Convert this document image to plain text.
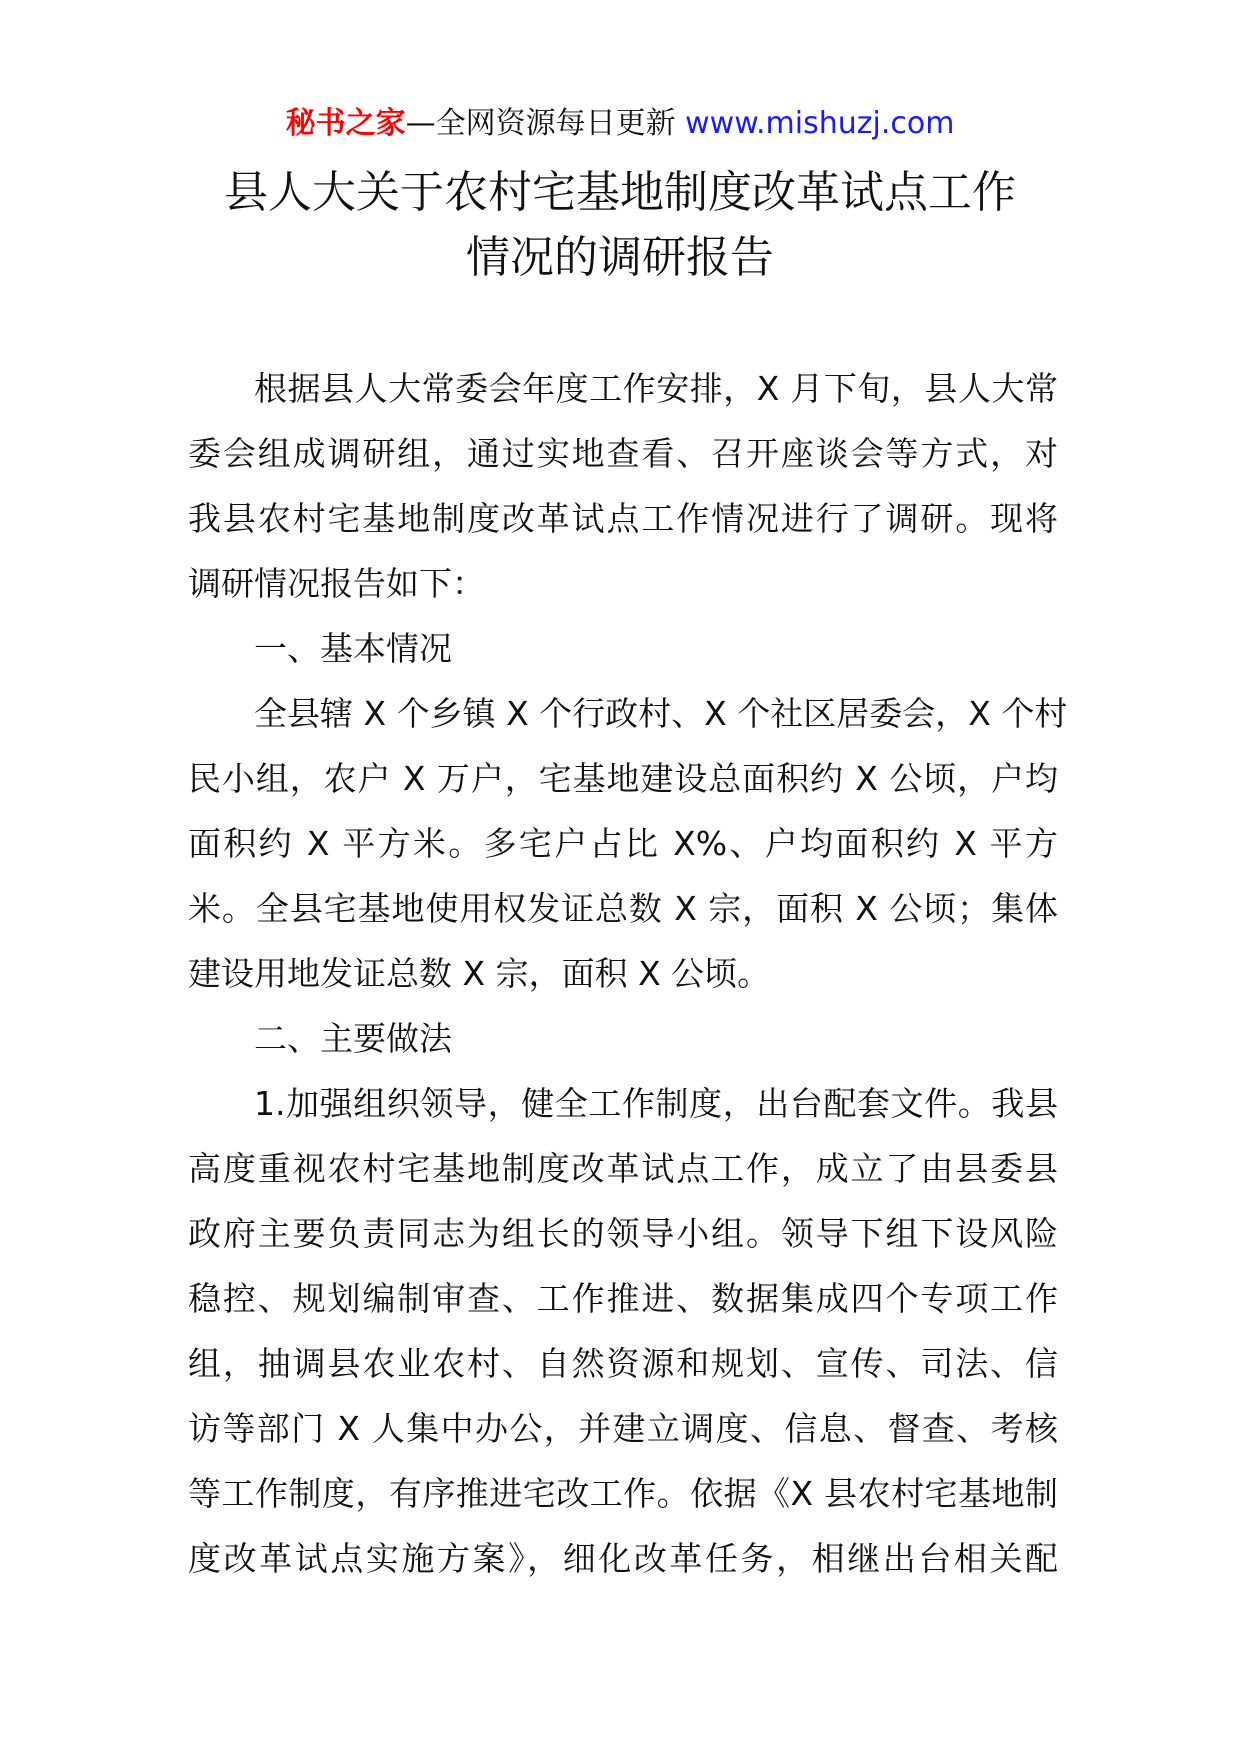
秘书之家—全网资源每日更新 www.mishuzj.com
县人大关于农村宅基地制度改革试点工作
情况的调研报告
根据县人大常委会年度工作安排，X 月下旬，县人大常
委会组成调研组，通过实地查看、召开座谈会等方式，对
我县农村宅基地制度改革试点工作情况进行了调研。现将
调研情况报告如下：
一、基本情况
全县辖 X 个乡镇 X 个行政村、X 个社区居委会，X 个村
民小组，农户 X 万户，宅基地建设总面积约 X 公顷，户均
面积约 X 平方米。多宅户占比 X%、户均面积约 X 平方
米。全县宅基地使用权发证总数 X 宗，面积 X 公顷；集体
建设用地发证总数 X 宗，面积 X 公顷。
二、主要做法
1.加强组织领导，健全工作制度，出台配套文件。我县
高度重视农村宅基地制度改革试点工作，成立了由县委县
政府主要负责同志为组长的领导小组。领导下组下设风险
稳控、规划编制审查、工作推进、数据集成四个专项工作
组，抽调县农业农村、自然资源和规划、宣传、司法、信
访等部门 X 人集中办公，并建立调度、信息、督查、考核
等工作制度，有序推进宅改工作。依据《X 县农村宅基地制
度改革试点实施方案》，细化改革任务，相继出台相关配
